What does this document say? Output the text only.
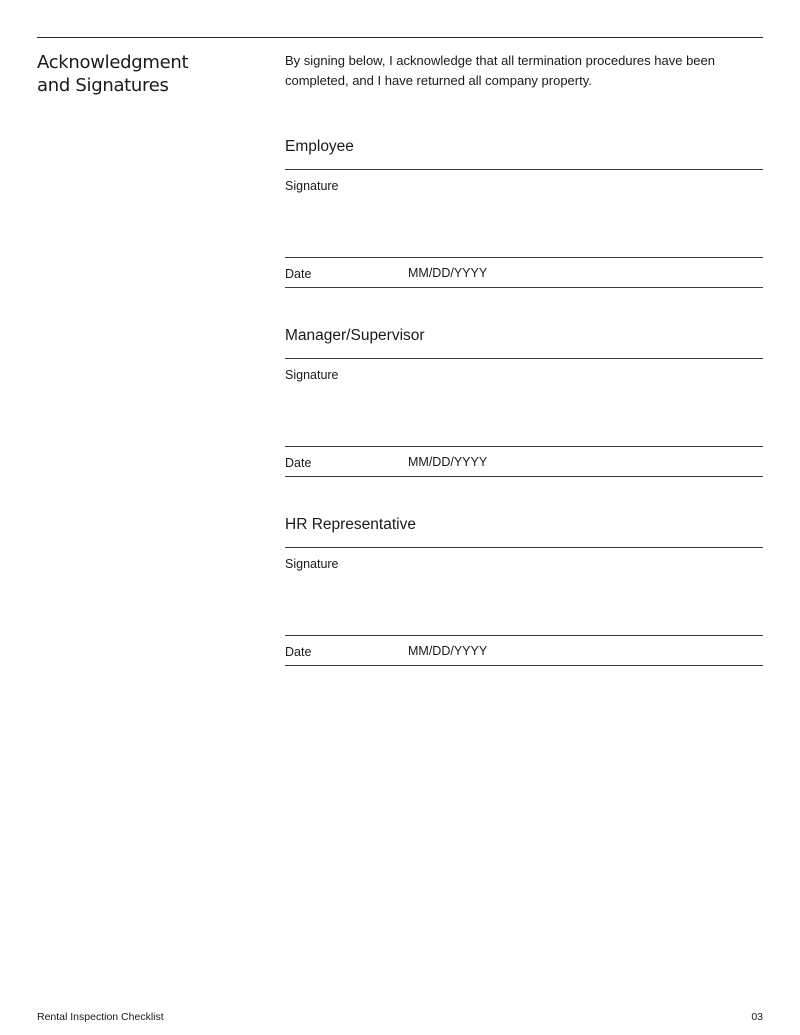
Acknowledgment
and Signatures

By signing below, I acknowledge that all termination procedures have been completed, and I have returned all company property.

Employee
Signature
Date
MM/DD/YYYY
Manager/Supervisor
Signature
Date
MM/DD/YYYY
HR Representative
Signature
Date
MM/DD/YYYY
Rental Inspection Checklist	03
